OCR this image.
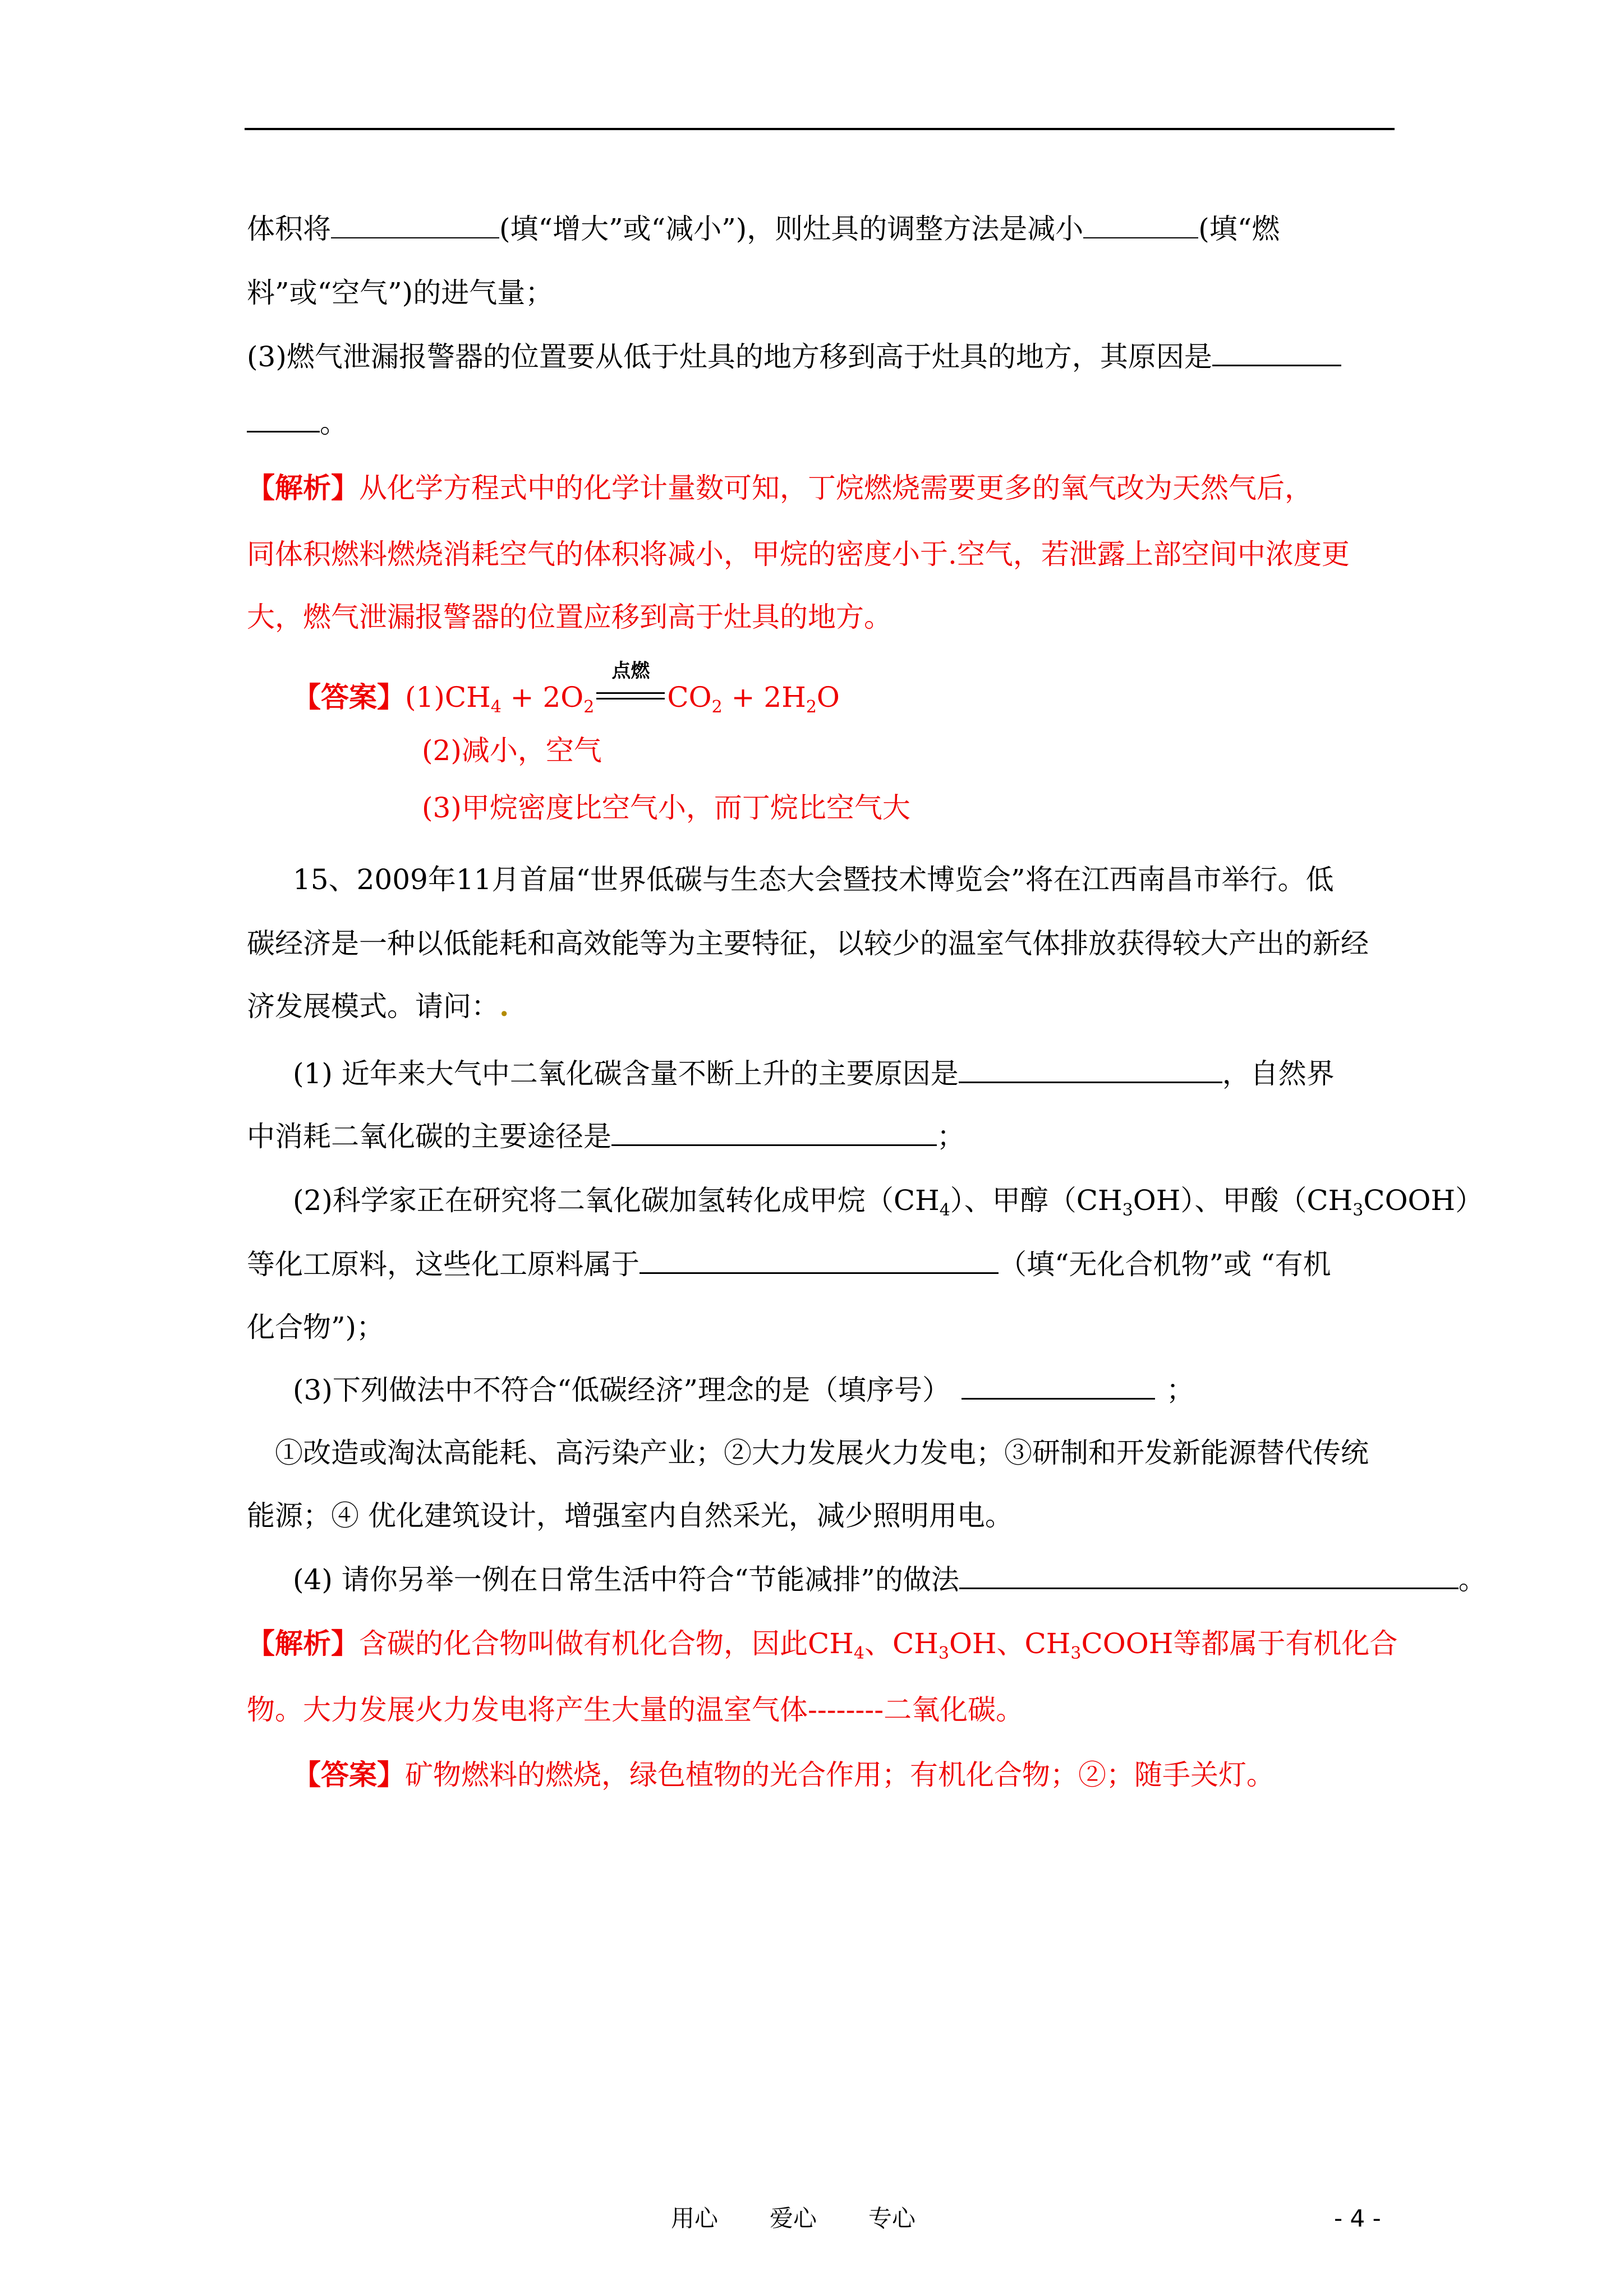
体积将	(填“增大”或“减小”)，则灶具的调整方法是减小	(填“燃
料”或“空气”)的进气量；
(3)燃气泄漏报警器的位置要从低于灶具的地方移到高于灶具的地方，其原因是
。
【解析】从化学方程式中的化学计量数可知，丁烷燃烧需要更多的氧气改为天然气后，
同体积燃料燃烧消耗空气的体积将减小，甲烷的密度小于.空气，若泄露上部空间中浓度更
大，燃气泄漏报警器的位置应移到高于灶具的地方。
【答案】$(1)CH_4 + 2O_2$
点燃
$CO_2 + 2H_2O$
(2)减小，空气
(3)甲烷密度比空气小，而丁烷比空气大
15、2009年11月首届“世界低碳与生态大会暨技术博览会”将在江西南昌市举行。低
碳经济是一种以低能耗和高效能等为主要特征，以较少的温室气体排放获得较大产出的新经
济发展模式。请问：.
(1) 近年来大气中二氧化碳含量不断上升的主要原因是	，自然界
中消耗二氧化碳的主要途径是	；
(2)科学家正在研究将二氧化碳加氢转化成甲烷$(CH_4)$、甲醇$(CH_3OH)$、甲酸$(CH_3COOH)$
等化工原料，这些化工原料属于	（填“无化合机物”或 “有机
化合物”)；
(3)下列做法中不符合“低碳经济”理念的是（填序号）	；
①改造或淘汰高能耗、高污染产业；②大力发展火力发电；③研制和开发新能源替代传统
能源；④ 优化建筑设计，增强室内自然采光，减少照明用电。
(4) 请你另举一例在日常生活中符合“节能减排”的做法	。
【解析】含碳的化合物叫做有机化合物，因此$CH_4$、$CH_3OH$、$CH_3COOH$等都属于有机化合
物。大力发展火力发电将产生大量的温室气体--------二氧化碳。
【答案】矿物燃料的燃烧，绿色植物的光合作用；有机化合物；②；随手关灯。
用心 爱心 专心	- 4 -
